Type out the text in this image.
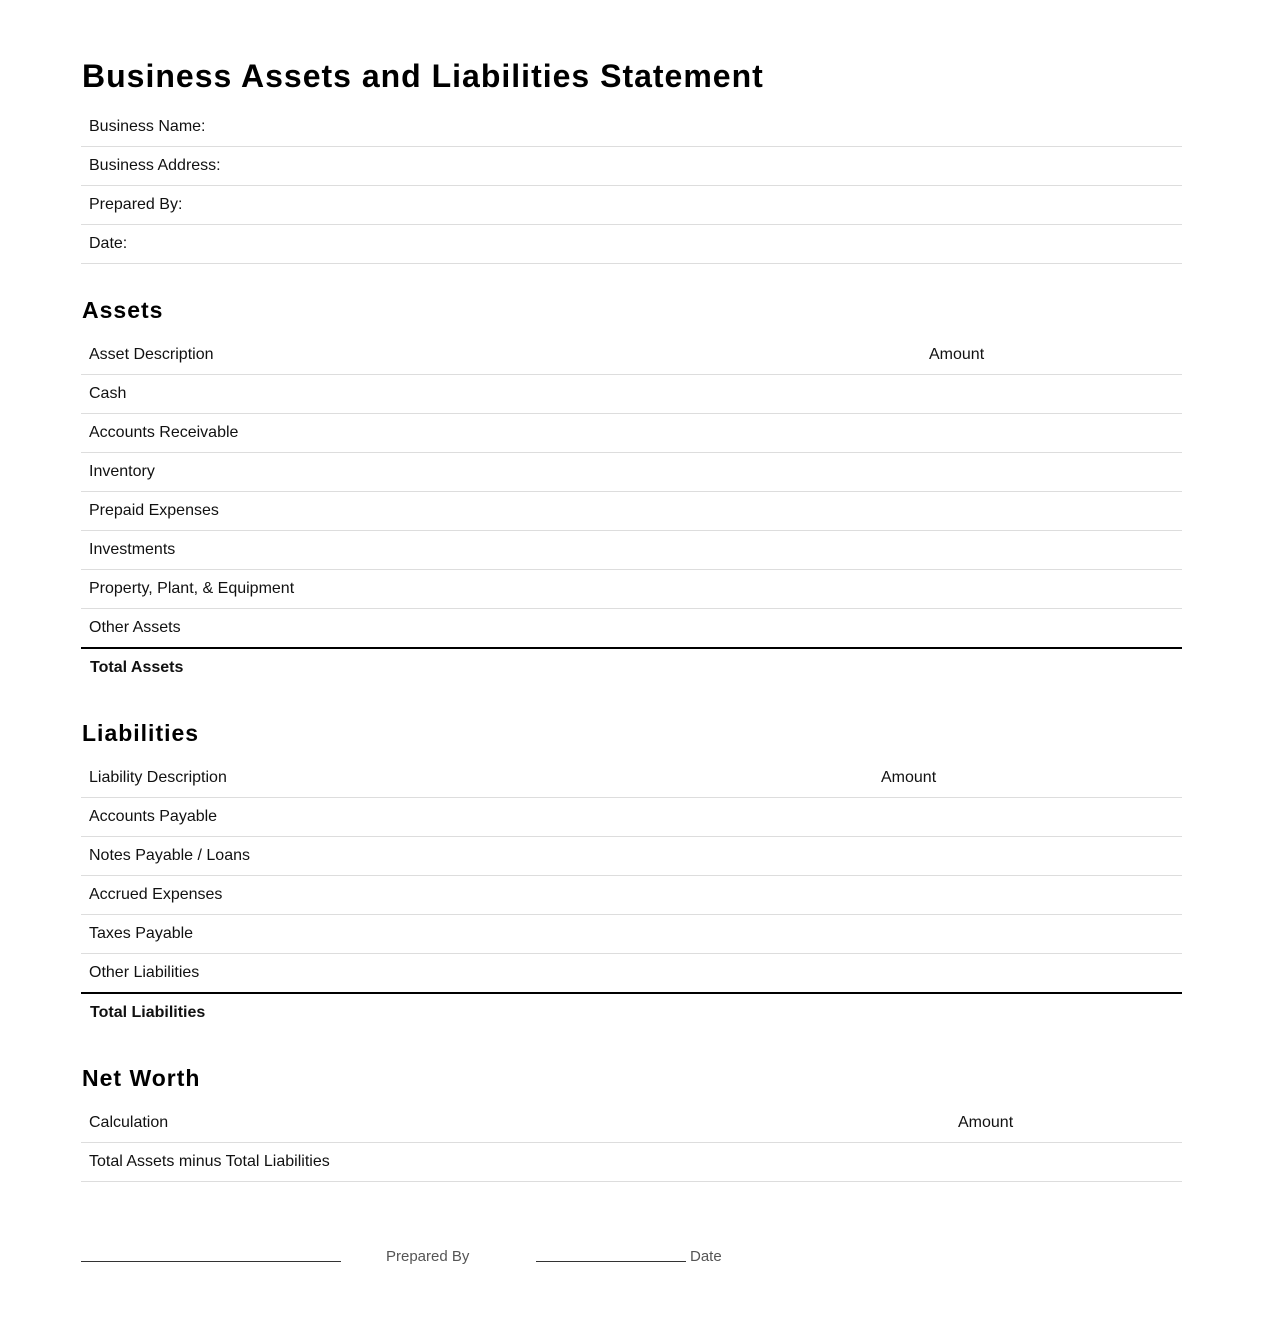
Business Assets and Liabilities Statement
Business Name:	
Business Address:	
Prepared By:	
Date:	
Assets
Asset Description	Amount
Cash	
Accounts Receivable	
Inventory	
Prepaid Expenses	
Investments	
Property, Plant, & Equipment	
Other Assets	
Total Assets	
Liabilities
Liability Description	Amount
Accounts Payable	
Notes Payable / Loans	
Accrued Expenses	
Taxes Payable	
Other Liabilities	
Total Liabilities	
Net Worth
Calculation	Amount
Total Assets minus Total Liabilities	
Prepared By	Date
